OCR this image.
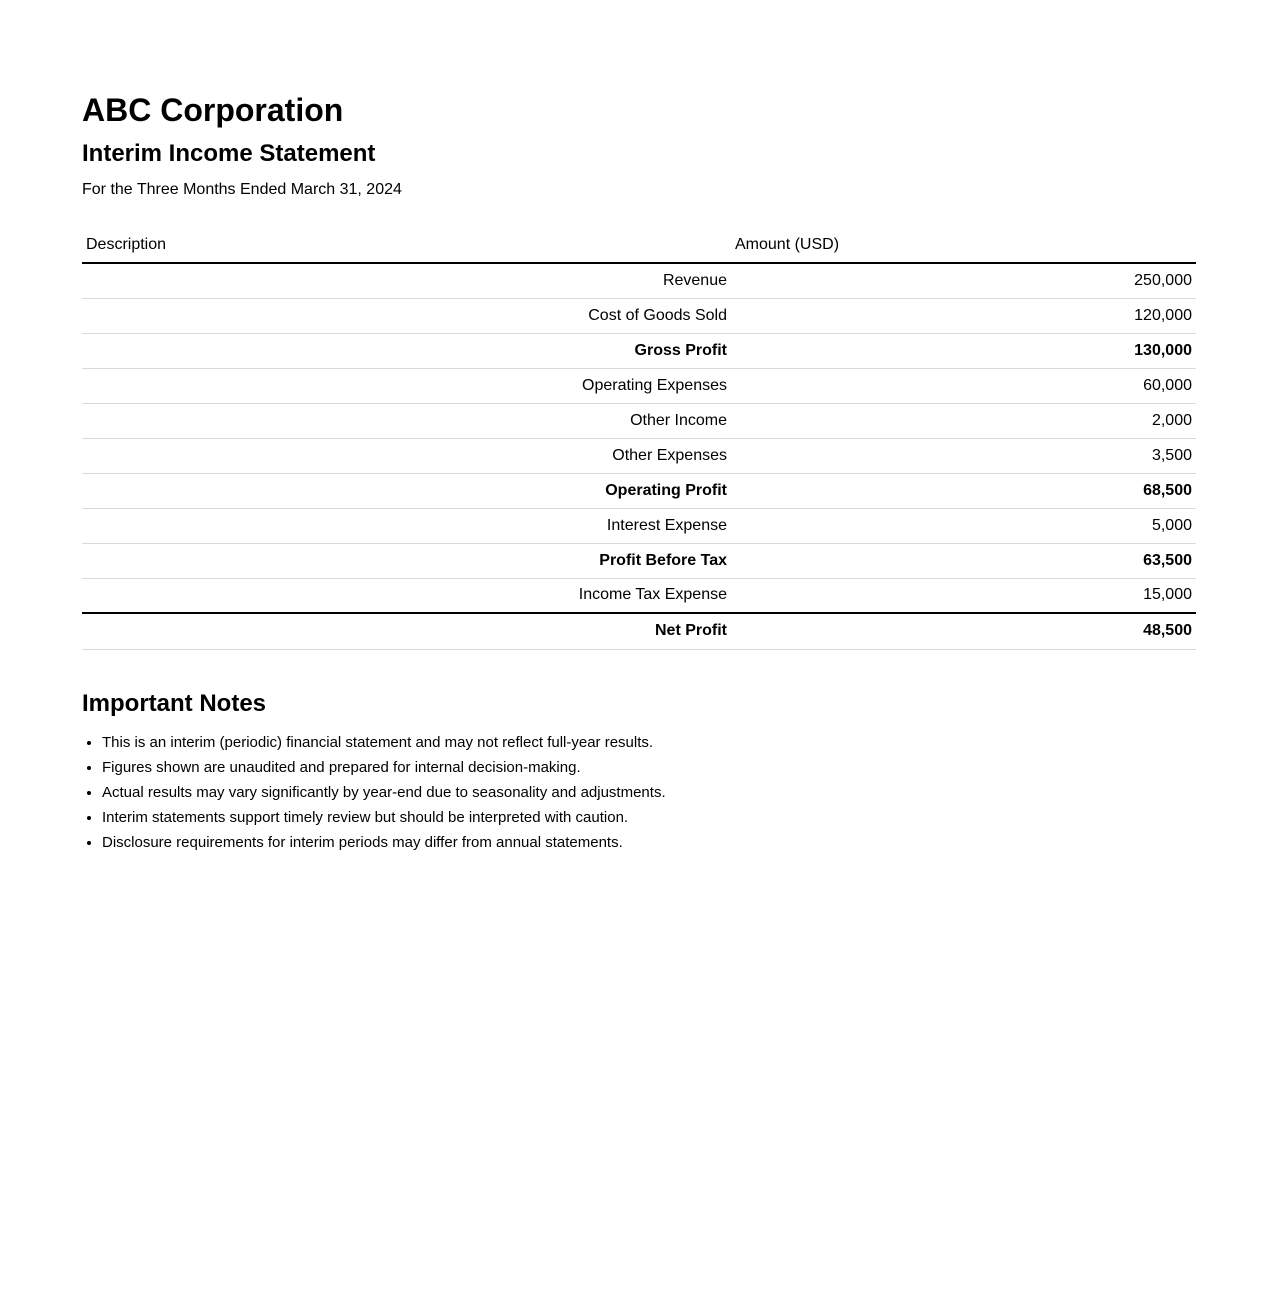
ABC Corporation
Interim Income Statement

For the Three Months Ended March 31, 2024

Description	Amount (USD)
Revenue	250,000
Cost of Goods Sold	120,000
Gross Profit	130,000
Operating Expenses	60,000
Other Income	2,000
Other Expenses	3,500
Operating Profit	68,500
Interest Expense	5,000
Profit Before Tax	63,500
Income Tax Expense	15,000
Net Profit	48,500
Important Notes
• This is an interim (periodic) financial statement and may not reflect full-year results.
• Figures shown are unaudited and prepared for internal decision-making.
• Actual results may vary significantly by year-end due to seasonality and adjustments.
• Interim statements support timely review but should be interpreted with caution.
• Disclosure requirements for interim periods may differ from annual statements.
